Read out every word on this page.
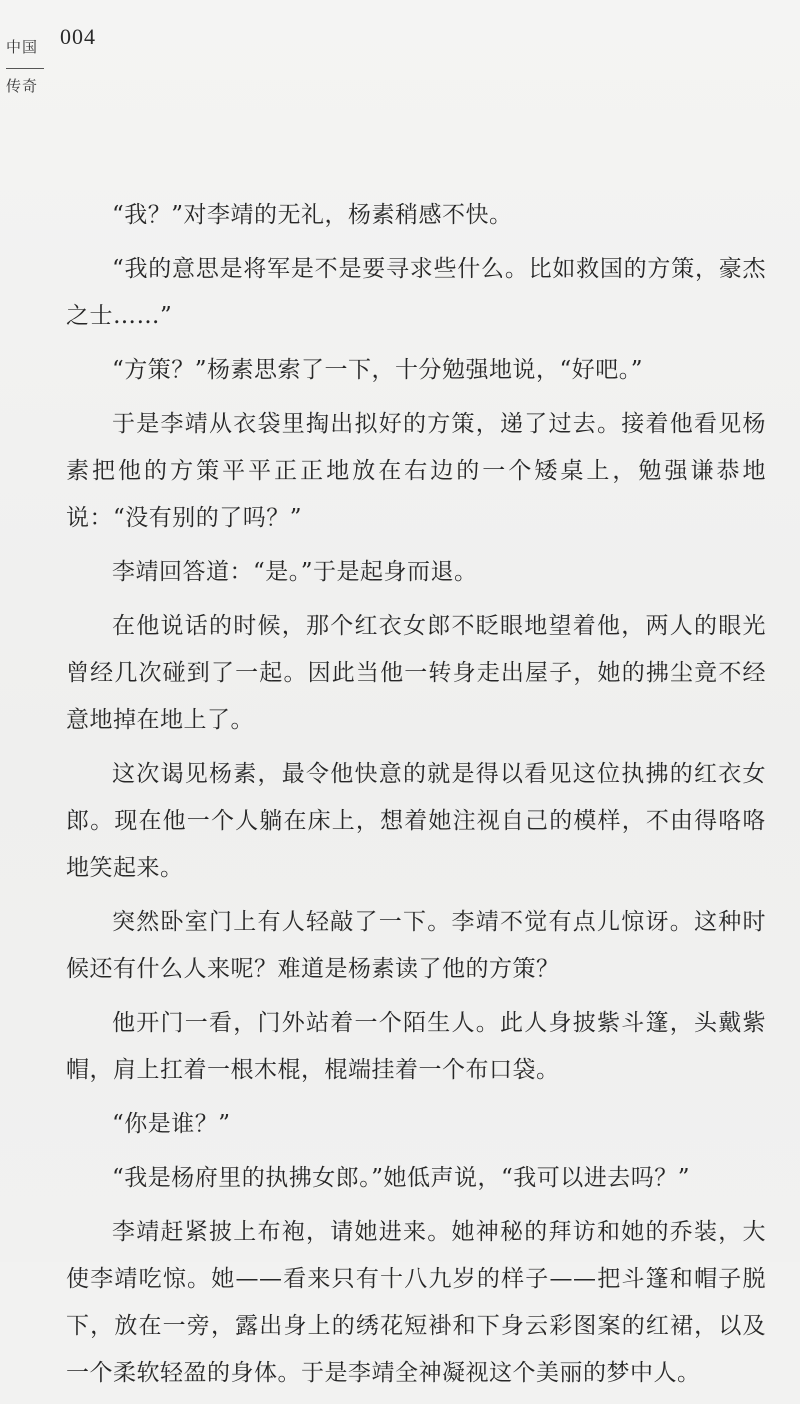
中国
传奇
004

“我？”对李靖的无礼，杨素稍感不快。

“我的意思是将军是不是要寻求些什么。比如救国的方策，豪杰之士……”

“方策？”杨素思索了一下，十分勉强地说，“好吧。”

于是李靖从衣袋里掏出拟好的方策，递了过去。接着他看见杨素把他的方策平平正正地放在右边的一个矮桌上，勉强谦恭地说：“没有别的了吗？”

李靖回答道：“是。”于是起身而退。

在他说话的时候，那个红衣女郎不眨眼地望着他，两人的眼光曾经几次碰到了一起。因此当他一转身走出屋子，她的拂尘竟不经意地掉在地上了。

这次谒见杨素，最令他快意的就是得以看见这位执拂的红衣女郎。现在他一个人躺在床上，想着她注视自己的模样，不由得咯咯地笑起来。

突然卧室门上有人轻敲了一下。李靖不觉有点儿惊讶。这种时候还有什么人来呢？难道是杨素读了他的方策？

他开门一看，门外站着一个陌生人。此人身披紫斗篷，头戴紫帽，肩上扛着一根木棍，棍端挂着一个布口袋。

“你是谁？”

“我是杨府里的执拂女郎。”她低声说，“我可以进去吗？”

李靖赶紧披上布袍，请她进来。她神秘的拜访和她的乔装，大使李靖吃惊。她——看来只有十八九岁的样子——把斗篷和帽子脱下，放在一旁，露出身上的绣花短褂和下身云彩图案的红裙，以及一个柔软轻盈的身体。于是李靖全神凝视这个美丽的梦中人。
